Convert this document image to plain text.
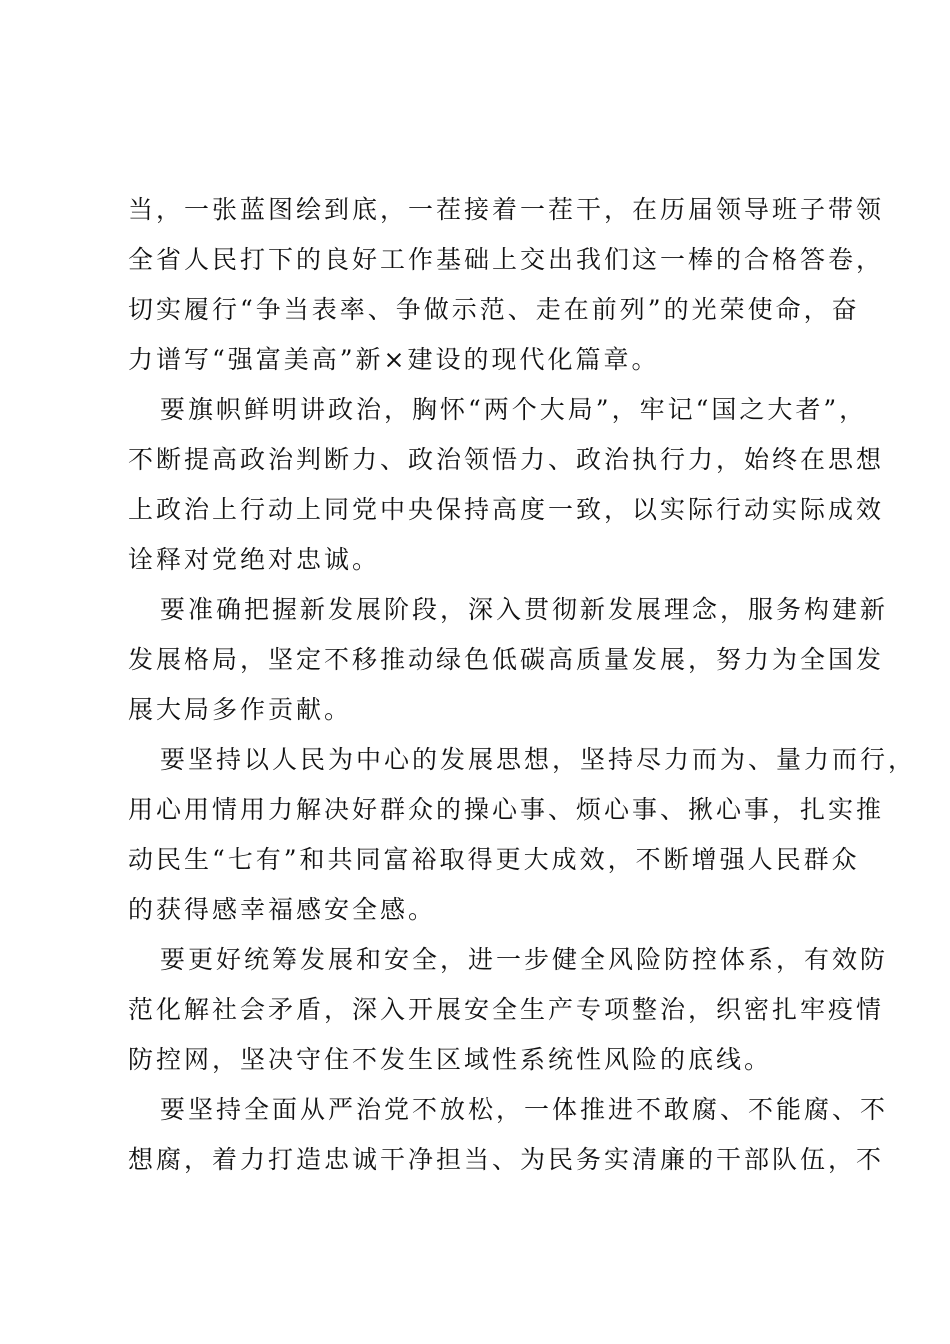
当，一张蓝图绘到底，一茬接着一茬干，在历届领导班子带领
全省人民打下的良好工作基础上交出我们这一棒的合格答卷，
切实履行“争当表率、争做示范、走在前列”的光荣使命，奋
力谱写“强富美高”新×建设的现代化篇章。
要旗帜鲜明讲政治，胸怀“两个大局”，牢记“国之大者”，
不断提高政治判断力、政治领悟力、政治执行力，始终在思想
上政治上行动上同党中央保持高度一致，以实际行动实际成效
诠释对党绝对忠诚。
要准确把握新发展阶段，深入贯彻新发展理念，服务构建新
发展格局，坚定不移推动绿色低碳高质量发展，努力为全国发
展大局多作贡献。
要坚持以人民为中心的发展思想，坚持尽力而为、量力而行，
用心用情用力解决好群众的操心事、烦心事、揪心事，扎实推
动民生“七有”和共同富裕取得更大成效，不断增强人民群众
的获得感幸福感安全感。
要更好统筹发展和安全，进一步健全风险防控体系，有效防
范化解社会矛盾，深入开展安全生产专项整治，织密扎牢疫情
防控网，坚决守住不发生区域性系统性风险的底线。
要坚持全面从严治党不放松，一体推进不敢腐、不能腐、不
想腐，着力打造忠诚干净担当、为民务实清廉的干部队伍，不
